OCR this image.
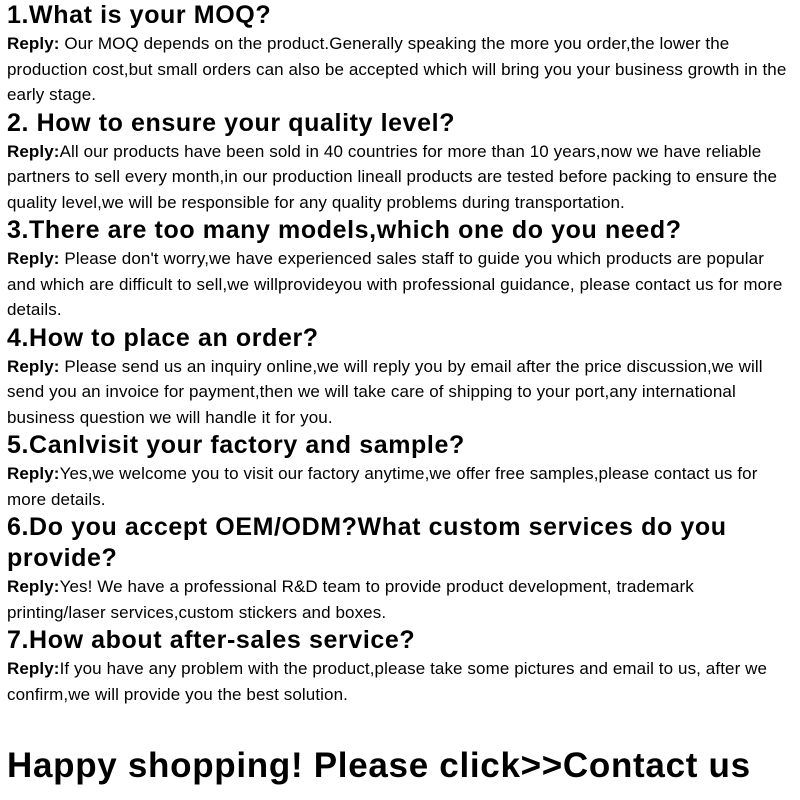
1.What is your MOQ?

Reply: Our MOQ depends on the product.Generally speaking the more you order,the lower the production cost,but small orders can also be accepted which will bring you your business growth in the early stage.

2. How to ensure your quality level?

Reply:All our products have been sold in 40 countries for more than 10 years,now we have reliable partners to sell every month,in our production lineall products are tested before packing to ensure the quality level,we will be responsible for any quality problems during transportation.

3.There are too many models,which one do you need?

Reply: Please don't worry,we have experienced sales staff to guide you which products are popular and which are difficult to sell,we willprovideyou with professional guidance, please contact us for more details.

4.How to place an order?

Reply: Please send us an inquiry online,we will reply you by email after the price discussion,we will send you an invoice for payment,then we will take care of shipping to your port,any international business question we will handle it for you.

5.Canlvisit your factory and sample?

Reply:Yes,we welcome you to visit our factory anytime,we offer free samples,please contact us for more details.

6.Do you accept OEM/ODM?What custom services do you provide?

Reply:Yes! We have a professional R&D team to provide product development, trademark printing/laser services,custom stickers and boxes.

7.How about after-sales service?

Reply:If you have any problem with the product,please take some pictures and email to us, after we confirm,we will provide you the best solution.

Happy shopping! Please click>>Contact us
